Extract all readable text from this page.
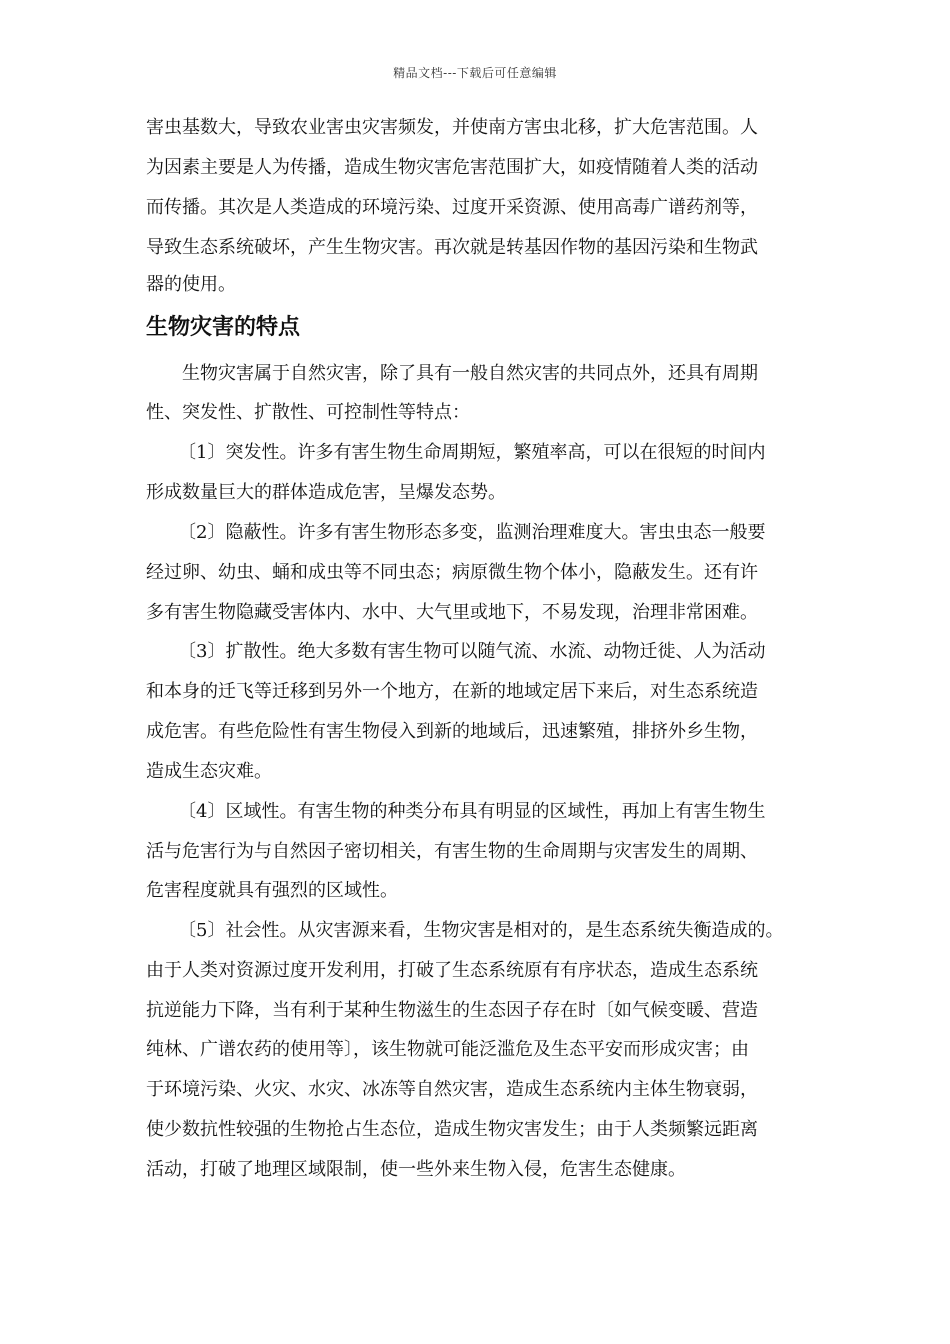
精品文档---下载后可任意编辑
害虫基数大，导致农业害虫灾害频发，并使南方害虫北移，扩大危害范围。人
为因素主要是人为传播，造成生物灾害危害范围扩大，如疫情随着人类的活动
而传播。其次是人类造成的环境污染、过度开采资源、使用高毒广谱药剂等，
导致生态系统破坏，产生生物灾害。再次就是转基因作物的基因污染和生物武
器的使用。
生物灾害的特点
生物灾害属于自然灾害，除了具有一般自然灾害的共同点外，还具有周期
性、突发性、扩散性、可控制性等特点：
〔1〕突发性。许多有害生物生命周期短，繁殖率高，可以在很短的时间内
形成数量巨大的群体造成危害，呈爆发态势。
〔2〕隐蔽性。许多有害生物形态多变，监测治理难度大。害虫虫态一般要
经过卵、幼虫、蛹和成虫等不同虫态；病原微生物个体小，隐蔽发生。还有许
多有害生物隐藏受害体内、水中、大气里或地下，不易发现，治理非常困难。
〔3〕扩散性。绝大多数有害生物可以随气流、水流、动物迁徙、人为活动
和本身的迁飞等迁移到另外一个地方，在新的地域定居下来后，对生态系统造
成危害。有些危险性有害生物侵入到新的地域后，迅速繁殖，排挤外乡生物，
造成生态灾难。
〔4〕区域性。有害生物的种类分布具有明显的区域性，再加上有害生物生
活与危害行为与自然因子密切相关，有害生物的生命周期与灾害发生的周期、
危害程度就具有强烈的区域性。
〔5〕社会性。从灾害源来看，生物灾害是相对的，是生态系统失衡造成的。
由于人类对资源过度开发利用，打破了生态系统原有有序状态，造成生态系统
抗逆能力下降，当有利于某种生物滋生的生态因子存在时〔如气候变暖、营造
纯林、广谱农药的使用等〕，该生物就可能泛滥危及生态平安而形成灾害；由
于环境污染、火灾、水灾、冰冻等自然灾害，造成生态系统内主体生物衰弱，
使少数抗性较强的生物抢占生态位，造成生物灾害发生；由于人类频繁远距离
活动，打破了地理区域限制，使一些外来生物入侵，危害生态健康。
